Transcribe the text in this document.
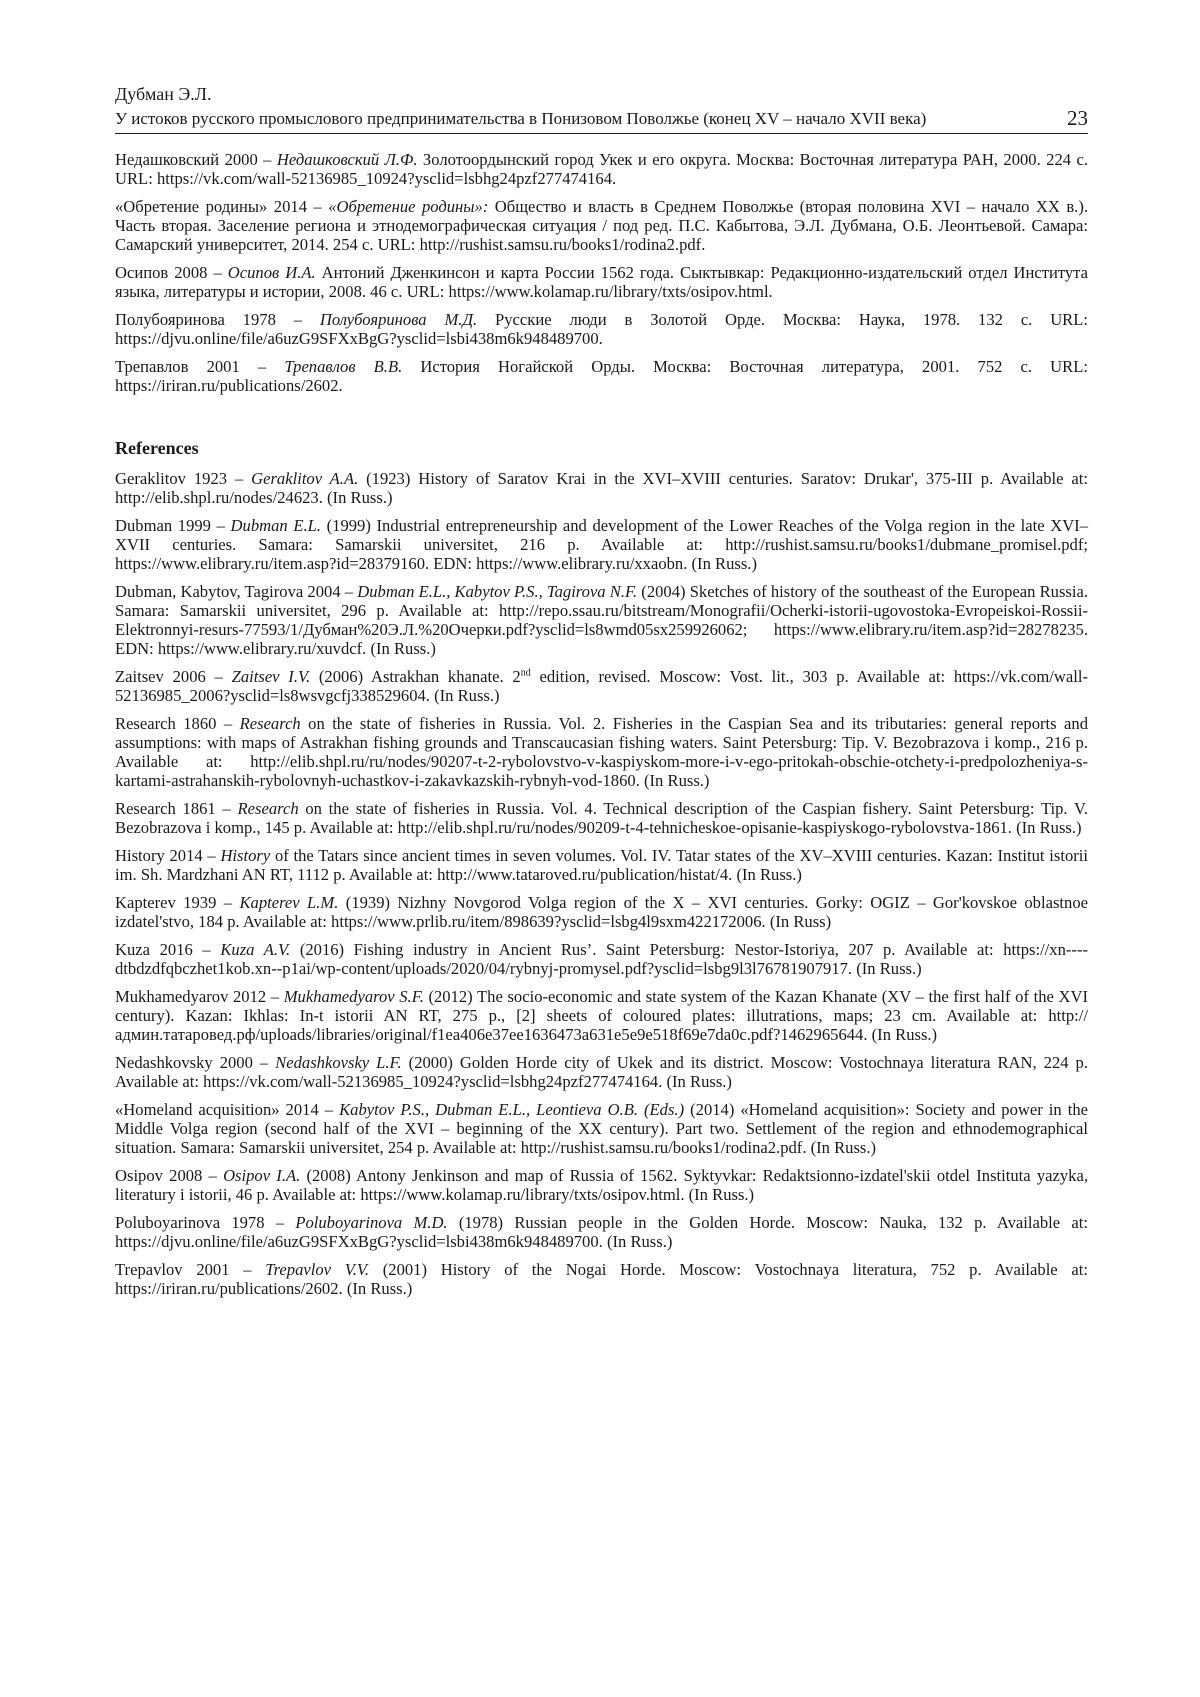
Дубман Э.Л.
У истоков русского промыслового предпринимательства в Понизовом Поволжье (конец XV – начало XVII века)	23

Недашковский 2000 – Недашковский Л.Ф. Золотоордынский город Укек и его округа. Москва: Восточная литература РАН, 2000. 224 с. URL: https://vk.com/wall-52136985_10924?ysclid=lsbhg24pzf277474164.

«Обретение родины» 2014 – «Обретение родины»: Общество и власть в Среднем Поволжье (вторая половина XVI – начало XX в.). Часть вторая. Заселение региона и этнодемографическая ситуация / под ред. П.С. Кабытова, Э.Л. Дубмана, О.Б. Леонтьевой. Самара: Самарский университет, 2014. 254 с. URL: http://rushist.samsu.ru/books1/rodina2.pdf.

Осипов 2008 – Осипов И.А. Антоний Дженкинсон и карта России 1562 года. Сыктывкар: Редакционно-издательский отдел Института языка, литературы и истории, 2008. 46 с. URL: https://www.kolamap.ru/library/txts/osipov.html.

Полубояринова 1978 – Полубояринова М.Д. Русские люди в Золотой Орде. Москва: Наука, 1978. 132 с. URL: https://djvu.online/file/a6uzG9SFXxBgG?ysclid=lsbi438m6k948489700.

Трепавлов 2001 – Трепавлов В.В. История Ногайской Орды. Москва: Восточная литература, 2001. 752 с. URL: https://iriran.ru/publications/2602.

References

Geraklitov 1923 – Geraklitov A.A. (1923) History of Saratov Krai in the XVI–XVIII centuries. Saratov: Drukar', 375-III p. Available at: http://elib.shpl.ru/nodes/24623. (In Russ.)

Dubman 1999 – Dubman E.L. (1999) Industrial entrepreneurship and development of the Lower Reaches of the Volga region in the late XVI–XVII centuries. Samara: Samarskii universitet, 216 p. Available at: http://rushist.samsu.ru/books1/dubmane_promisel.pdf; https://www.elibrary.ru/item.asp?id=28379160. EDN: https://www.elibrary.ru/xxaobn. (In Russ.)

Dubman, Kabytov, Tagirova 2004 – Dubman E.L., Kabytov P.S., Tagirova N.F. (2004) Sketches of history of the southeast of the European Russia. Samara: Samarskii universitet, 296 p. Available at: http://repo.ssau.ru/bitstream/Monografii/Ocherki-istorii-ugovostoka-Evropeiskoi-Rossii-Elektronnyi-resurs-77593/1/Дубман%20Э.Л.%20Очерки.pdf?ysclid=ls8wmd05sx259926062; https://www.elibrary.ru/item.asp?id=28278235. EDN: https://www.elibrary.ru/xuvdcf. (In Russ.)

Zaitsev 2006 – Zaitsev I.V. (2006) Astrakhan khanate. 2nd edition, revised. Moscow: Vost. lit., 303 p. Available at: https://vk.com/wall-52136985_2006?ysclid=ls8wsvgcfj338529604. (In Russ.)

Research 1860 – Research on the state of fisheries in Russia. Vol. 2. Fisheries in the Caspian Sea and its tributaries: general reports and assumptions: with maps of Astrakhan fishing grounds and Transcaucasian fishing waters. Saint Petersburg: Tip. V. Bezobrazova i komp., 216 p. Available at: http://elib.shpl.ru/ru/nodes/90207-t-2-rybolovstvo-v-kaspiyskom-more-i-v-ego-pritokah-obschie-otchety-i-predpolozheniya-s-kartami-astrahanskih-rybolovnyh-uchastkov-i-zakavkazskih-rybnyh-vod-1860. (In Russ.)

Research 1861 – Research on the state of fisheries in Russia. Vol. 4. Technical description of the Caspian fishery. Saint Petersburg: Tip. V. Bezobrazova i komp., 145 p. Available at: http://elib.shpl.ru/ru/nodes/90209-t-4-tehnicheskoe-opisanie-kaspiyskogo-rybolovstva-1861. (In Russ.)

History 2014 – History of the Tatars since ancient times in seven volumes. Vol. IV. Tatar states of the XV–XVIII centuries. Kazan: Institut istorii im. Sh. Mardzhani AN RT, 1112 p. Available at: http://www.tataroved.ru/publication/histat/4. (In Russ.)

Kapterev 1939 – Kapterev L.M. (1939) Nizhny Novgorod Volga region of the X – XVI centuries. Gorky: OGIZ – Gor'kovskoe oblastnoe izdatel'stvo, 184 p. Available at: https://www.prlib.ru/item/898639?ysclid=lsbg4l9sxm422172006. (In Russ)

Kuza 2016 – Kuza A.V. (2016) Fishing industry in Ancient Rus’. Saint Petersburg: Nestor-Istoriya, 207 p. Available at: https://xn----dtbdzdfqbczhet1kob.xn--p1ai/wp-content/uploads/2020/04/rybnyj-promysel.pdf?ysclid=lsbg9l3l76781907917. (In Russ.)

Mukhamedyarov 2012 – Mukhamedyarov S.F. (2012) The socio-economic and state system of the Kazan Khanate (XV – the first half of the XVI century). Kazan: Ikhlas: In-t istorii AN RT, 275 p., [2] sheets of coloured plates: illutrations, maps; 23 cm. Available at: http://админ.татаровед.рф/uploads/libraries/original/f1ea406e37ee1636473a631e5e9e518f69e7da0c.pdf?1462965644. (In Russ.)

Nedashkovsky 2000 – Nedashkovsky L.F. (2000) Golden Horde city of Ukek and its district. Moscow: Vostochnaya literatura RAN, 224 p. Available at: https://vk.com/wall-52136985_10924?ysclid=lsbhg24pzf277474164. (In Russ.)

«Homeland acquisition» 2014 – Kabytov P.S., Dubman E.L., Leontieva O.B. (Eds.) (2014) «Homeland acquisition»: Society and power in the Middle Volga region (second half of the XVI – beginning of the XX century). Part two. Settlement of the region and ethnodemographical situation. Samara: Samarskii universitet, 254 p. Available at: http://rushist.samsu.ru/books1/rodina2.pdf. (In Russ.)

Osipov 2008 – Osipov I.A. (2008) Antony Jenkinson and map of Russia of 1562. Syktyvkar: Redaktsionno-izdatel'skii otdel Instituta yazyka, literatury i istorii, 46 p. Available at: https://www.kolamap.ru/library/txts/osipov.html. (In Russ.)

Poluboyarinova 1978 – Poluboyarinova M.D. (1978) Russian people in the Golden Horde. Moscow: Nauka, 132 p. Available at: https://djvu.online/file/a6uzG9SFXxBgG?ysclid=lsbi438m6k948489700. (In Russ.)

Trepavlov 2001 – Trepavlov V.V. (2001) History of the Nogai Horde. Moscow: Vostochnaya literatura, 752 p. Available at: https://iriran.ru/publications/2602. (In Russ.)
